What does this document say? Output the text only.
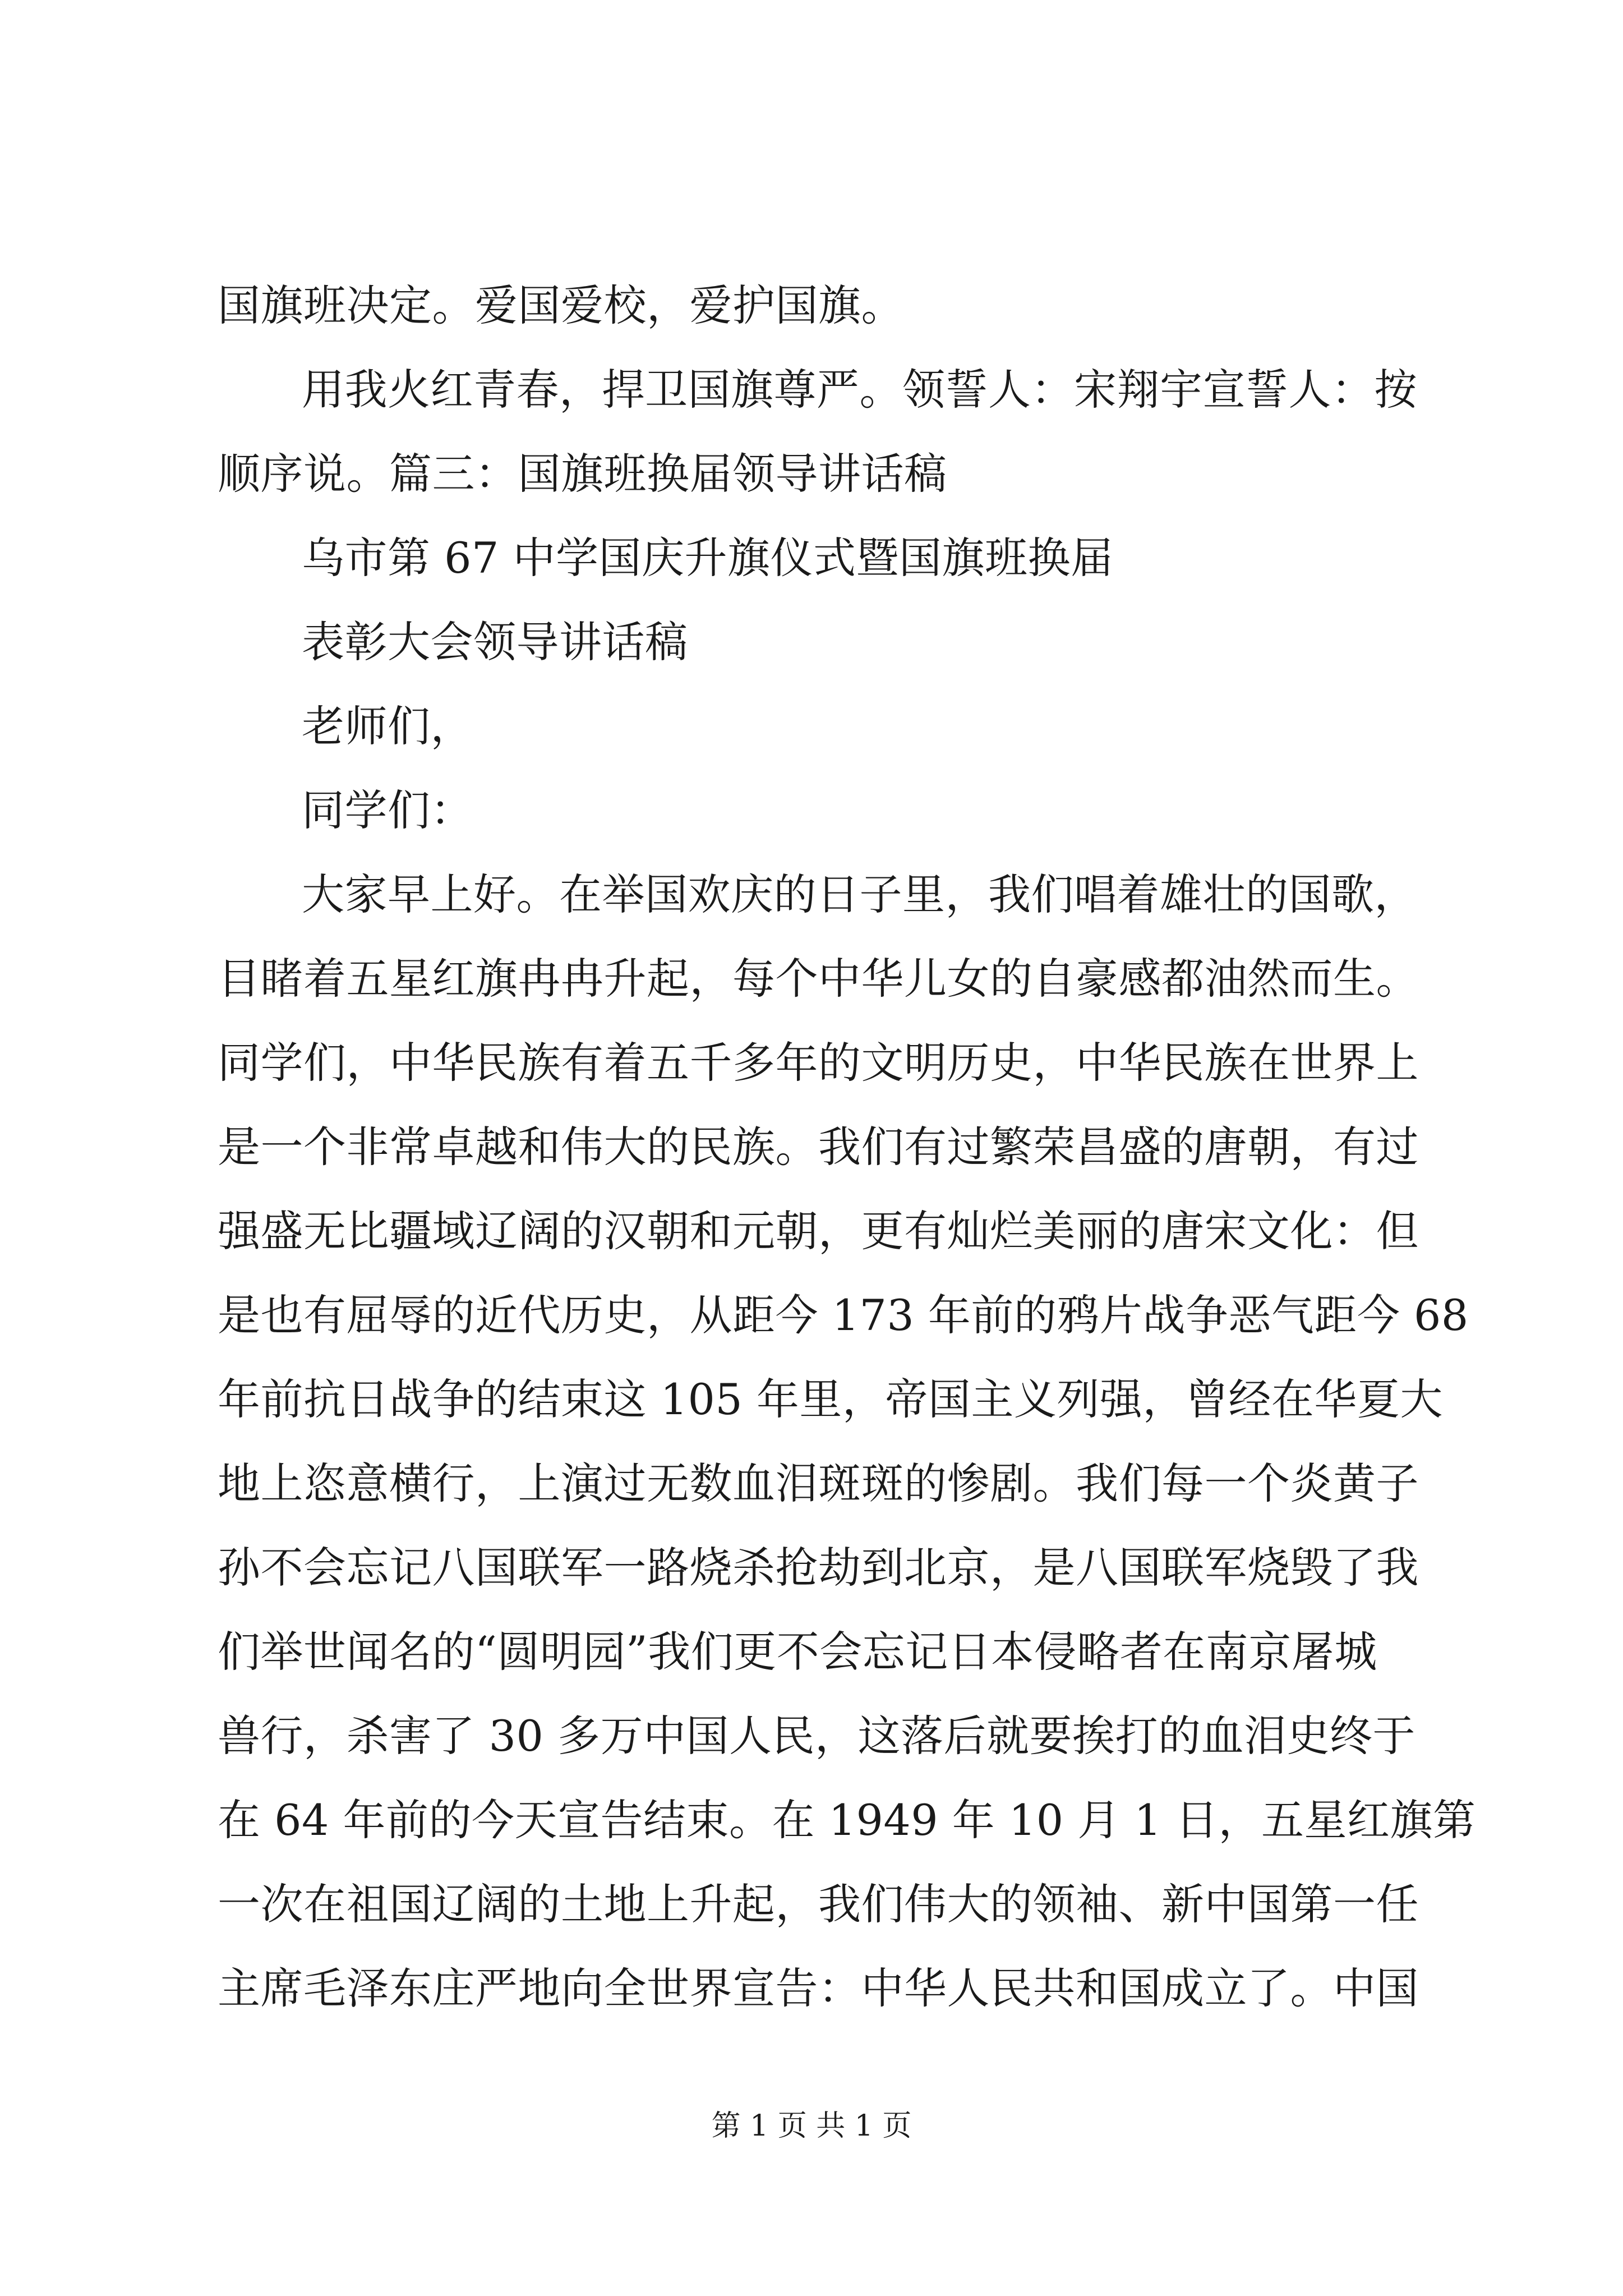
国旗班决定。爱国爱校，爱护国旗。
用我火红青春，捍卫国旗尊严。领誓人：宋翔宇宣誓人：按
顺序说。篇三：国旗班换届领导讲话稿
乌市第 67 中学国庆升旗仪式暨国旗班换届
表彰大会领导讲话稿
老师们，
同学们：
大家早上好。在举国欢庆的日子里，我们唱着雄壮的国歌，
目睹着五星红旗冉冉升起，每个中华儿女的自豪感都油然而生。
同学们，中华民族有着五千多年的文明历史，中华民族在世界上
是一个非常卓越和伟大的民族。我们有过繁荣昌盛的唐朝，有过
强盛无比疆域辽阔的汉朝和元朝，更有灿烂美丽的唐宋文化：但
是也有屈辱的近代历史，从距今 173 年前的鸦片战争恶气距今 68
年前抗日战争的结束这 105 年里，帝国主义列强，曾经在华夏大
地上恣意横行，上演过无数血泪斑斑的惨剧。我们每一个炎黄子
孙不会忘记八国联军一路烧杀抢劫到北京，是八国联军烧毁了我
们举世闻名的“圆明园”我们更不会忘记日本侵略者在南京屠城
兽行，杀害了 30 多万中国人民，这落后就要挨打的血泪史终于
在 64 年前的今天宣告结束。在 1949 年 10 月 1 日，五星红旗第
一次在祖国辽阔的土地上升起，我们伟大的领袖、新中国第一任
主席毛泽东庄严地向全世界宣告：中华人民共和国成立了。中国
第 1 页 共 1 页
